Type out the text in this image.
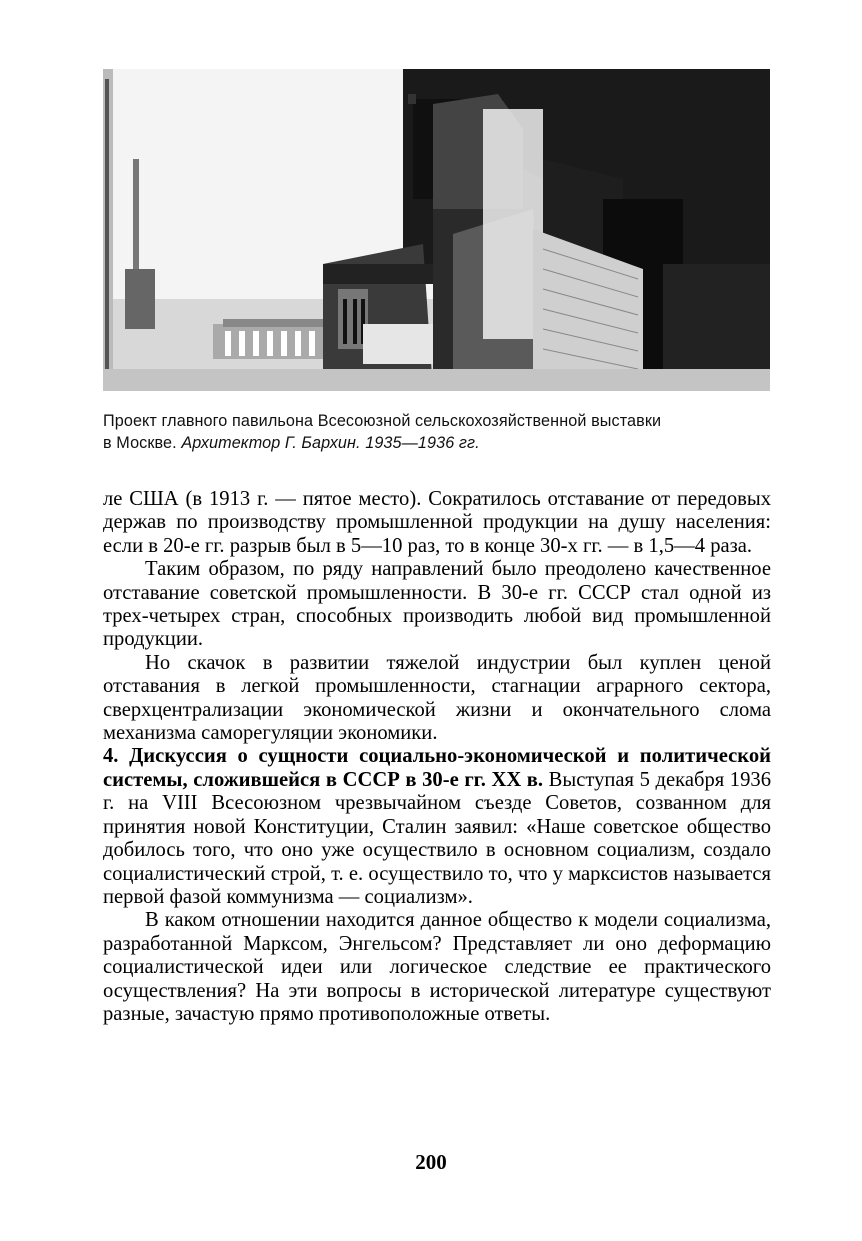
Проект главного павильона Всесоюзной сельскохозяйственной выставки
в Москве. Архитектор Г. Бархин. 1935—1936 гг.

ле США (в 1913 г. — пятое место). Сократилось отставание от передовых держав по производству промышленной продукции на душу населения: если в 20-е гг. разрыв был в 5—10 раз, то в конце 30-х гг. — в 1,5—4 раза.

Таким образом, по ряду направлений было преодолено качественное отставание советской промышленности. В 30-е гг. СССР стал одной из трех-четырех стран, способных производить любой вид промышленной продукции.

Но скачок в развитии тяжелой индустрии был куплен ценой отставания в легкой промышленности, стагнации аграрного сектора, сверхцентрализации экономической жизни и окончательного слома механизма саморегуляции экономики.

4. Дискуссия о сущности социально-экономической и политической системы, сложившейся в СССР в 30-е гг. XX в. Выступая 5 декабря 1936 г. на VIII Всесоюзном чрезвычайном съезде Советов, созванном для принятия новой Конституции, Сталин заявил: «Наше советское общество добилось того, что оно уже осуществило в основном социализм, создало социалистический строй, т. е. осуществило то, что у марксистов называется первой фазой коммунизма — социализм».

В каком отношении находится данное общество к модели социализма, разработанной Марксом, Энгельсом? Представляет ли оно деформацию социалистической идеи или логическое следствие ее практического осуществления? На эти вопросы в исторической литературе существуют разные, зачастую прямо противоположные ответы.

200
